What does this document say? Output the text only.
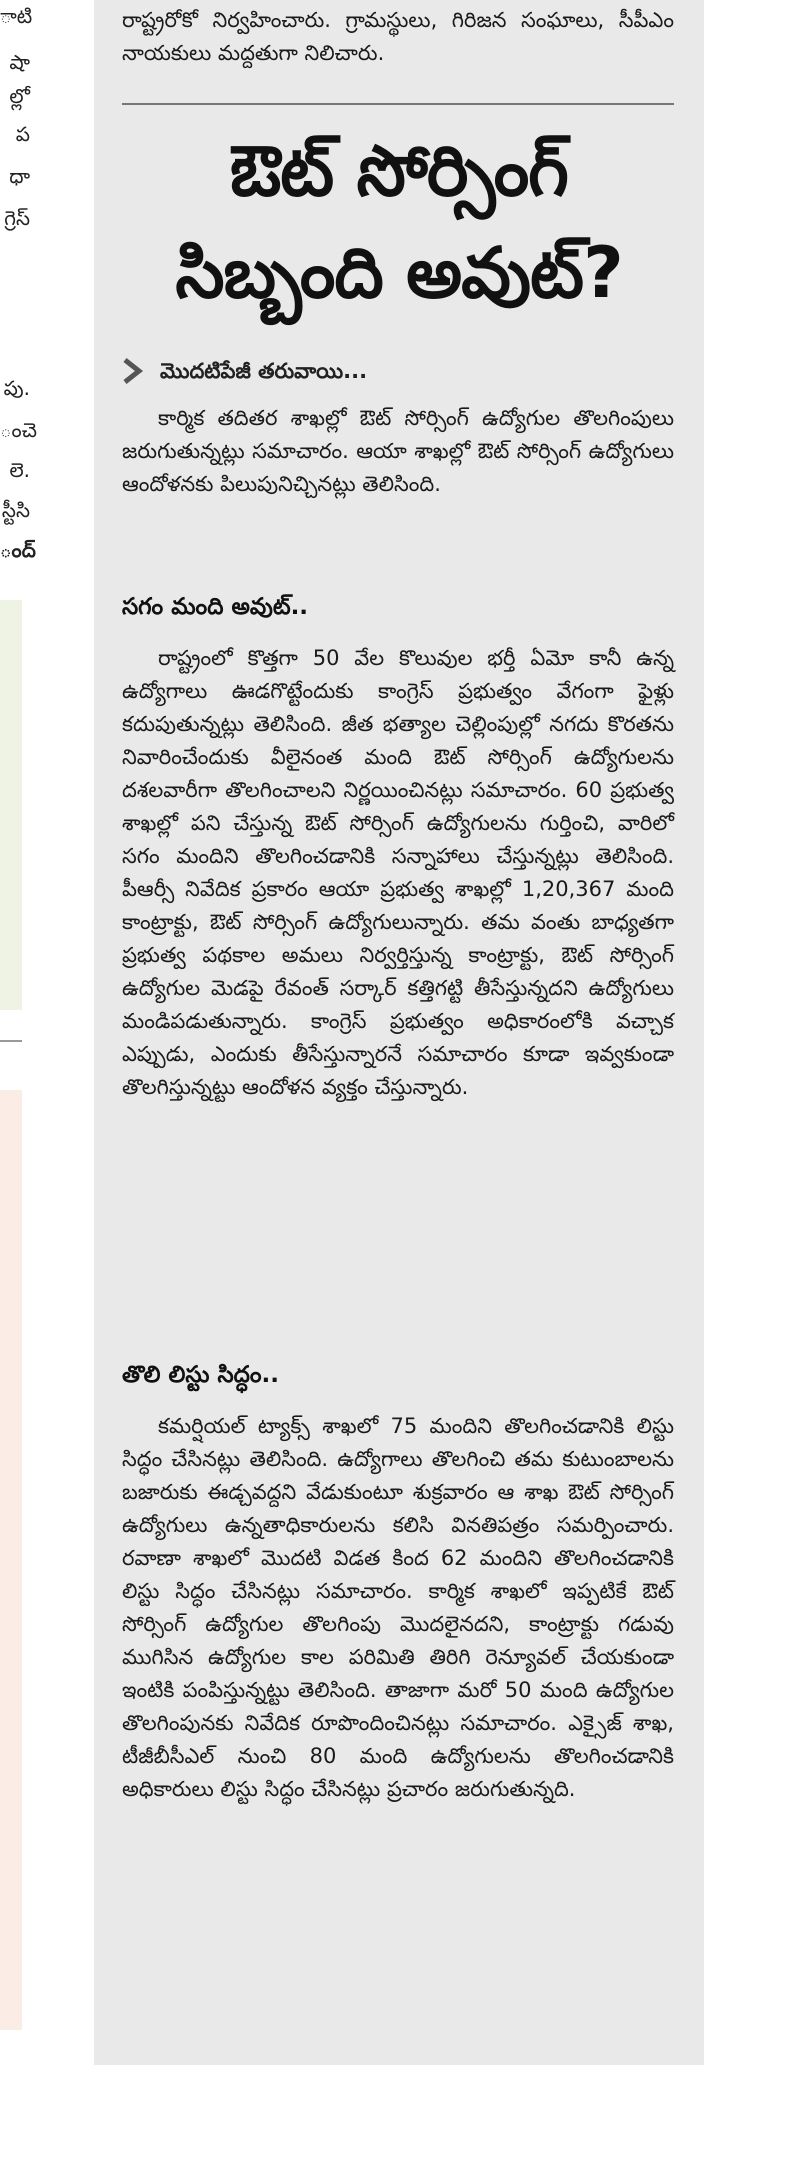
ాటి
షా
ల్లో
ప
ధా
గ్రెస్
పు.
ంచె
లె.
స్టీసి
ంద్

రాష్ట్రరోకో నిర్వహించారు. గ్రామస్థులు, గిరిజన సంఘాలు, సీపీఎం నాయకులు మద్దతుగా నిలిచారు.

ఔట్ సోర్సింగ్
సిబ్బంది అవుట్?
మొదటిపేజీ తరువాయి...

కార్మిక తదితర శాఖల్లో ఔట్ సోర్సింగ్ ఉద్యోగుల తొలగింపులు జరుగుతున్నట్లు సమాచారం. ఆయా శాఖల్లో ఔట్ సోర్సింగ్ ఉద్యోగులు ఆందోళనకు పిలుపునిచ్చినట్లు తెలిసింది.

సగం మంది అవుట్..

రాష్ట్రంలో కొత్తగా 50 వేల కొలువుల భర్తీ ఏమో కానీ ఉన్న ఉద్యోగాలు ఊడగొట్టేందుకు కాంగ్రెస్ ప్రభుత్వం వేగంగా ఫైళ్లు కదుపుతున్నట్లు తెలిసింది. జీత భత్యాల చెల్లింపుల్లో నగదు కొరతను నివారించేందుకు వీలైనంత మంది ఔట్ సోర్సింగ్ ఉద్యోగులను దశలవారీగా తొలగించాలని నిర్ణయించినట్లు సమాచారం. 60 ప్రభుత్వ శాఖల్లో పని చేస్తున్న ఔట్ సోర్సింగ్ ఉద్యోగులను గుర్తించి, వారిలో సగం మందిని తొలగించడానికి సన్నాహాలు చేస్తున్నట్లు తెలిసింది. పీఆర్సీ నివేదిక ప్రకారం ఆయా ప్రభుత్వ శాఖల్లో 1,20,367 మంది కాంట్రాక్టు, ఔట్ సోర్సింగ్ ఉద్యోగులున్నారు. తమ వంతు బాధ్యతగా ప్రభుత్వ పథకాల అమలు నిర్వర్తిస్తున్న కాంట్రాక్టు, ఔట్ సోర్సింగ్ ఉద్యోగుల మెడపై రేవంత్ సర్కార్ కత్తిగట్టి తీసేస్తున్నదని ఉద్యోగులు మండిపడుతున్నారు. కాంగ్రెస్ ప్రభుత్వం అధికారంలోకి వచ్చాక ఎప్పుడు, ఎందుకు తీసేస్తున్నారనే సమాచారం కూడా ఇవ్వకుండా తొలగిస్తున్నట్టు ఆందోళన వ్యక్తం చేస్తున్నారు.

తొలి లిస్టు సిద్ధం..

కమర్షియల్ ట్యాక్స్ శాఖలో 75 మందిని తొలగించడానికి లిస్టు సిద్ధం చేసినట్లు తెలిసింది. ఉద్యోగాలు తొలగించి తమ కుటుంబాలను బజారుకు ఈడ్చవద్దని వేడుకుంటూ శుక్రవారం ఆ శాఖ ఔట్ సోర్సింగ్ ఉద్యోగులు ఉన్నతాధికారులను కలిసి వినతిపత్రం సమర్పించారు. రవాణా శాఖలో మొదటి విడత కింద 62 మందిని తొలగించడానికి లిస్టు సిద్ధం చేసినట్లు సమాచారం. కార్మిక శాఖలో ఇప్పటికే ఔట్ సోర్సింగ్ ఉద్యోగుల తొలగింపు మొదలైనదని, కాంట్రాక్టు గడువు ముగిసిన ఉద్యోగుల కాల పరిమితి తిరిగి రెన్యూవల్ చేయకుండా ఇంటికి పంపిస్తున్నట్టు తెలిసింది. తాజాగా మరో 50 మంది ఉద్యోగుల తొలగింపునకు నివేదిక రూపొందించినట్లు సమాచారం. ఎక్సైజ్ శాఖ, టీజీబీసీఎల్ నుంచి 80 మంది ఉద్యోగులను తొలగించడానికి అధికారులు లిస్టు సిద్ధం చేసినట్లు ప్రచారం జరుగుతున్నది.
